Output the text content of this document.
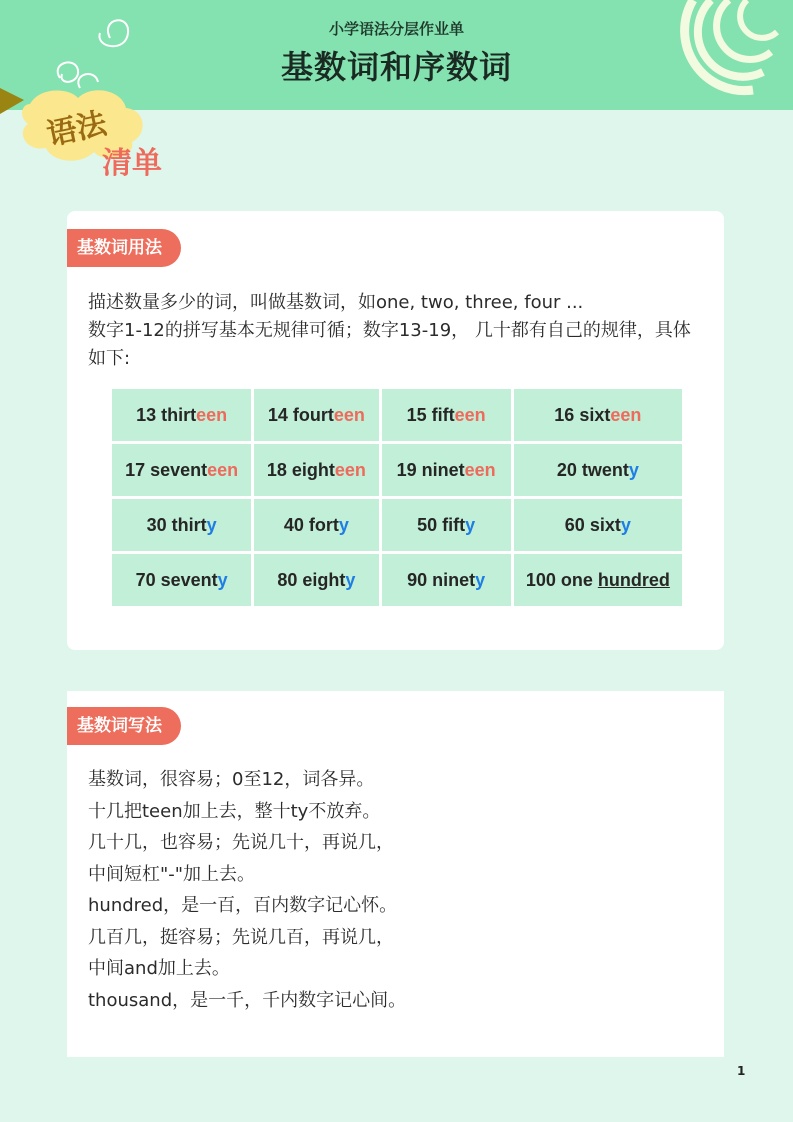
小学语法分层作业单
基数词和序数词
语法
清单
基数词用法
描述数量多少的词，叫做基数词，如one, two, three, four ...
数字1-12的拼写基本无规律可循；数字13-19， 几十都有自己的规律，具体如下:
13 thirteen	14 fourteen	15 fifteen	16 sixteen
17 seventeen	18 eighteen	19 nineteen	20 twenty
30 thirty	40 forty	50 fifty	60 sixty
70 seventy	80 eighty	90 ninety	100 one hundred
基数词写法
基数词，很容易；0至12，词各异。
十几把teen加上去，整十ty不放弃。
几十几，也容易；先说几十，再说几，
中间短杠"-"加上去。
hundred，是一百，百内数字记心怀。
几百几，挺容易；先说几百，再说几，
中间and加上去。
thousand，是一千，千内数字记心间。
1
